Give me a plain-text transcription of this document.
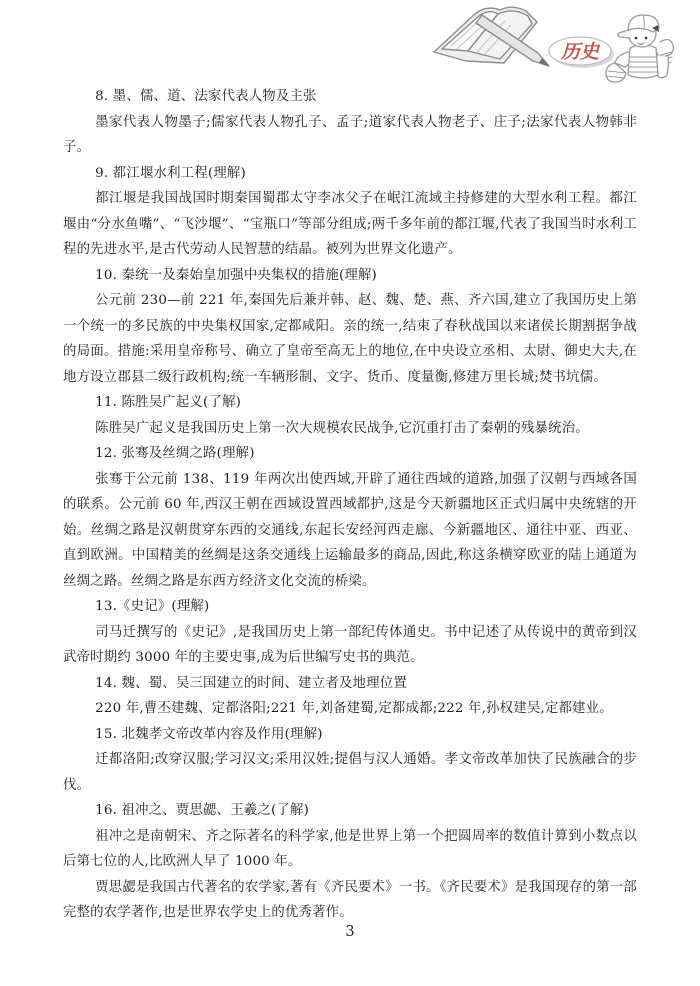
历史
8. 墨、儒、道、法家代表人物及主张
墨家代表人物墨子;儒家代表人物孔子、孟子;道家代表人物老子、庄子;法家代表人物韩非子。
9. 都江堰水利工程(理解)
都江堰是我国战国时期秦国蜀郡太守李冰父子在岷江流域主持修建的大型水利工程。都江堰由“分水鱼嘴”、“飞沙堰”、“宝瓶口”等部分组成;两千多年前的都江堰,代表了我国当时水利工程的先进水平,是古代劳动人民智慧的结晶。被列为世界文化遗产。
10. 秦统一及秦始皇加强中央集权的措施(理解)
公元前 230—前 221 年,秦国先后兼并韩、赵、魏、楚、燕、齐六国,建立了我国历史上第一个统一的多民族的中央集权国家,定都咸阳。亲的统一,结束了春秋战国以来诸侯长期割据争战的局面。措施:采用皇帝称号、确立了皇帝至高无上的地位,在中央设立丞相、太尉、御史大夫,在地方设立郡县二级行政机构;统一车辆形制、文字、货币、度量衡,修建万里长城;焚书坑儒。
11. 陈胜吴广起义(了解)
陈胜吴广起义是我国历史上第一次大规模农民战争,它沉重打击了秦朝的残暴统治。
12. 张骞及丝绸之路(理解)
张骞于公元前 138、119 年两次出使西域,开辟了通往西域的道路,加强了汉朝与西域各国的联系。公元前 60 年,西汉王朝在西域设置西域都护,这是今天新疆地区正式归属中央统辖的开始。丝绸之路是汉朝贯穿东西的交通线,东起长安经河西走廊、今新疆地区、通往中亚、西亚、直到欧洲。中国精美的丝绸是这条交通线上运输最多的商品,因此,称这条横穿欧亚的陆上通道为丝绸之路。丝绸之路是东西方经济文化交流的桥梁。
13.《史记》(理解)
司马迁撰写的《史记》,是我国历史上第一部纪传体通史。书中记述了从传说中的黄帝到汉武帝时期约 3000 年的主要史事,成为后世编写史书的典范。
14. 魏、蜀、吴三国建立的时间、建立者及地理位置
220 年,曹丕建魏、定都洛阳;221 年,刘备建蜀,定都成都;222 年,孙权建吴,定都建业。
15. 北魏孝文帝改革内容及作用(理解)
迁都洛阳;改穿汉服;学习汉文;采用汉姓;提倡与汉人通婚。孝文帝改革加快了民族融合的步伐。
16. 祖冲之、贾思勰、王羲之(了解)
祖冲之是南朝宋、齐之际著名的科学家,他是世界上第一个把圆周率的数值计算到小数点以后第七位的人,比欧洲人早了 1000 年。
贾思勰是我国古代著名的农学家,著有《齐民要术》一书。《齐民要术》是我国现存的第一部完整的农学著作,也是世界农学史上的优秀著作。
3
